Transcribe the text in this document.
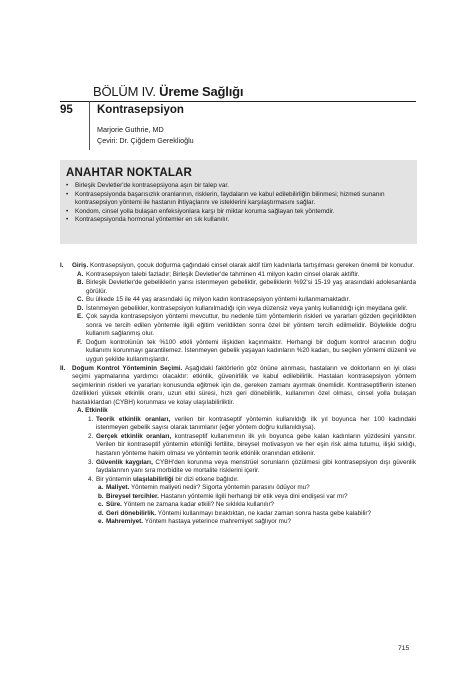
BÖLÜM IV. Üreme Sağlığı
95 Kontrasepsiyon
Marjorie Guthrie, MD
Çeviri: Dr. Çiğdem Gereklioğlu
ANAHTAR NOKTALAR
• Birleşik Devletler'de kontrasepsiyona aşırı bir talep var.
• Kontrasepsiyonda başarısızlık oranlarının, risklerin, faydaların ve kabul edilebilirliğin bilinmesi; hizmeti sunanın kontrasepsiyon yöntemi ile hastanın ihtiyaçlarını ve isteklerini karşılaştırmasını sağlar.
• Kondom, cinsel yolla bulaşan enfeksiyonlara karşı bir miktar koruma sağlayan tek yöntemdir.
• Kontrasepsiyonda hormonal yöntemler en sık kullanılır.

I. Giriş. Kontrasepsiyon, çocuk doğurma çağındaki cinsel olarak aktif tüm kadınlarla tartışılması gereken önemli bir konudur.

A. Kontrasepsiyon talebi fazladır; Birleşik Devletler'de tahminen 41 milyon kadın cinsel olarak aktiftir.

B. Birleşik Devletler'de gebeliklerin yarısı istenmeyen gebeliktir, gebeliklerin %92'si 15-19 yaş arasındaki adolesanlarda görülür.

C. Bu ülkede 15 ile 44 yaş arasındaki üç milyon kadın kontrasepsiyon yöntemi kullanmamaktadır.

D. İstenmeyen gebelikler, kontrasepsiyon kullanılmadığı için veya düzensiz veya yanlış kullanıldığı için meydana gelir.

E. Çok sayıda kontrasepsiyon yöntemi mevcuttur, bu nedenle tüm yöntemlerin riskleri ve yararları gözden geçirildikten sonra ve tercih edilen yöntemle ilgili eğitim verildikten sonra özel bir yöntem tercih edilmelidir. Böylelikle doğru kullanım sağlanmış olur.

F. Doğum kontrolünün tek %100 etkili yöntemi ilişkiden kaçınmaktır. Herhangi bir doğum kontrol aracının doğru kullanımı korunmayı garantilemez. İstenmeyen gebelik yaşayan kadınların %20 kadarı, bu seçilen yöntemi düzenli ve uygun şekilde kullanmışlardır.

II. Doğum Kontrol Yönteminin Seçimi. Aşağıdaki faktörlerin göz önüne alınması, hastaların ve doktorların en iyi olası seçimi yapmalarına yardımcı olacaktır: etkinlik, güvenirlilik ve kabul edilebilirlik. Hastaları kontrasepsiyon yöntem seçimlerinin riskleri ve yararları konusunda eğitmek için de, gereken zamanı ayırmak önemlidir. Kontraseptiflerin istenen özellikleri yüksek etkinlik oranı, uzun etki süresi, hızlı geri dönebilirlik, kullanımın özel olması, cinsel yolla bulaşan hastalıklardan (CYBH) korunması ve kolay ulaşılabilirliktir.

A. Etkinlik

1. Teorik etkinlik oranları, verilen bir kontraseptif yöntemin kullanıldığı ilk yıl boyunca her 100 kadındaki istenmeyen gebelik sayısı olarak tanımlanır (eğer yöntem doğru kullanıldıysa).

2. Gerçek etkinlik oranları, kontraseptif kullanımının ilk yılı boyunca gebe kalan kadınların yüzdesini yansıtır. Verilen bir kontraseptif yöntemin etkinliği fertilite, bireysel motivasyon ve her eşin risk alma tutumu, ilişki sıklığı, hastanın yönteme hakim olması ve yöntemin teorik etkinlik oranından etkilenir.

3. Güvenlik kaygıları, CYBH'den korunma veya menstrüel sorunların çözülmesi gibi kontrasepsiyon dışı güvenlik faydalarının yanı sıra morbidite ve mortalite risklerini içerir.

4. Bir yöntemin ulaşılabilirliği bir dizi etkene bağlıdır.

a. Maliyet. Yöntemin maliyeti nedir? Sigorta yöntemin parasını ödüyor mu?

b. Bireysel tercihler. Hastanın yöntemle ilgili herhangi bir etik veya dini endişesi var mı?

c. Süre. Yöntem ne zamana kadar etkili? Ne sıklıkla kullanılır?

d. Geri dönebilirlik. Yöntemi kullanmayı bıraktıktan, ne kadar zaman sonra hasta gebe kalabilir?

e. Mahremiyet. Yöntem hastaya yeterince mahremiyet sağlıyor mu?

715
